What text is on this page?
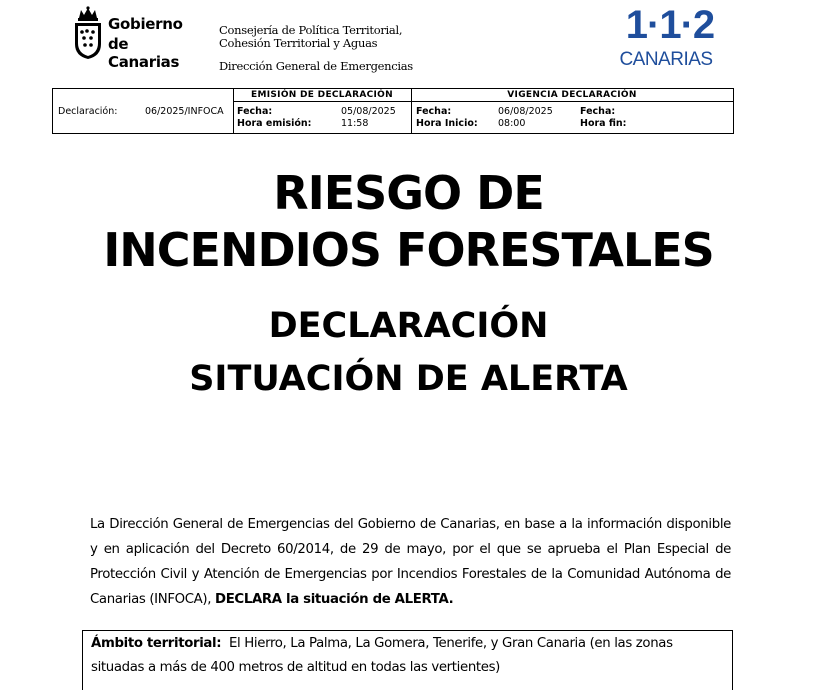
Gobierno
de Canarias
Consejería de Política Territorial,
Cohesión Territorial y Aguas
Dirección General de Emergencias
1·1·2
CANARIAS
Declaración:	06/2025/INFOCA
EMISIÓN DE DECLARACIÓN
Fecha:	05/08/2025
Hora emisión:	11:58
VIGENCIA DECLARACIÓN
Fecha:	06/08/2025
Hora Inicio: 08:00
Fecha:
Hora fin:
RIESGO DE
INCENDIOS FORESTALES
DECLARACIÓN
SITUACIÓN DE ALERTA
La Dirección General de Emergencias del Gobierno de Canarias, en base a la información disponible y en aplicación del Decreto 60/2014, de 29 de mayo, por el que se aprueba el Plan Especial de Protección Civil y Atención de Emergencias por Incendios Forestales de la Comunidad Autónoma de Canarias (INFOCA), DECLARA la situación de ALERTA.
Ámbito territorial: El Hierro, La Palma, La Gomera, Tenerife, y Gran Canaria (en las zonas situadas a más de 400 metros de altitud en todas las vertientes)
